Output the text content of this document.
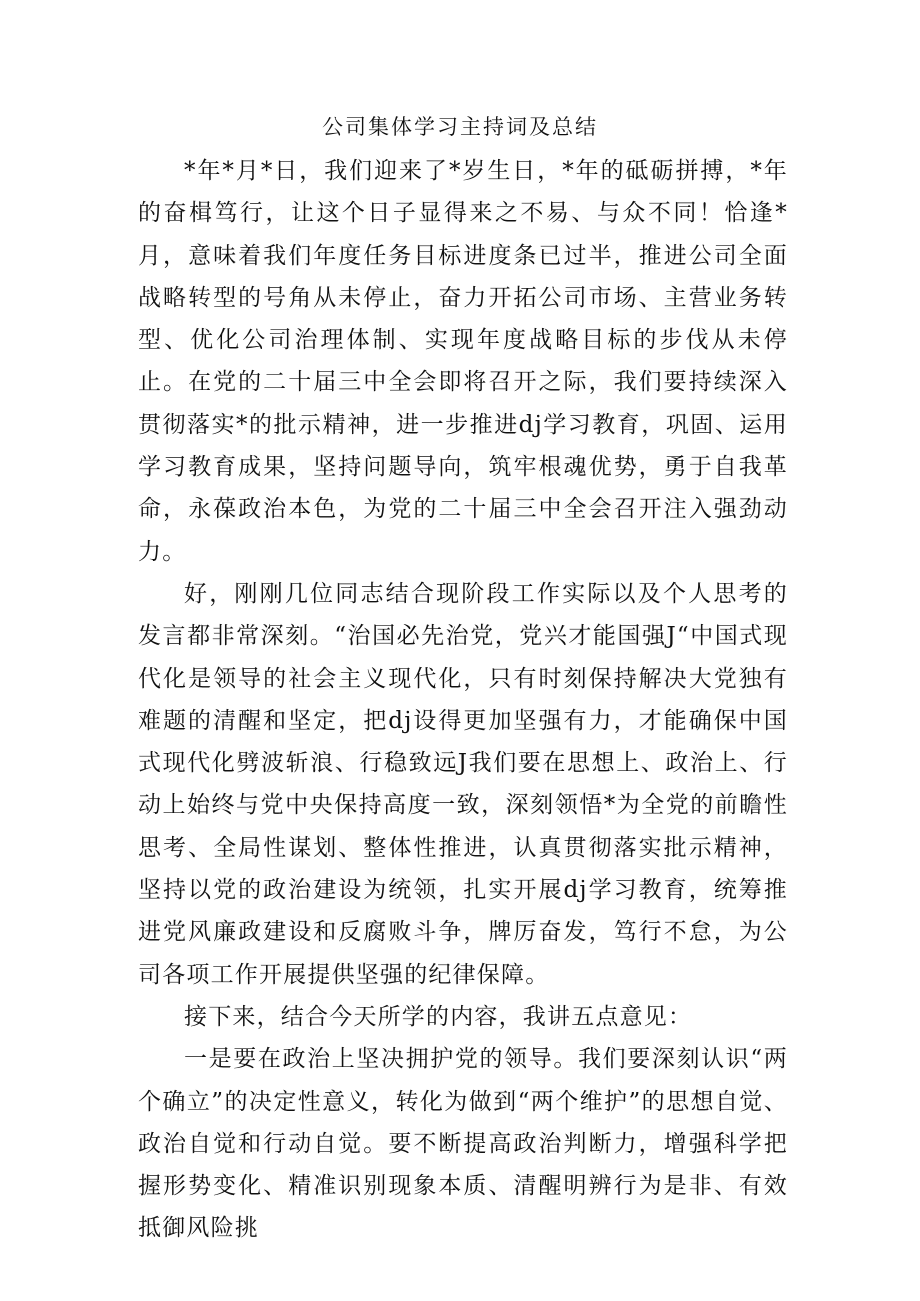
公司集体学习主持词及总结

*年*月*日，我们迎来了*岁生日，*年的砥砺拼搏，*年的奋楫笃行，让这个日子显得来之不易、与众不同！恰逢*月，意味着我们年度任务目标进度条已过半，推进公司全面战略转型的号角从未停止，奋力开拓公司市场、主营业务转型、优化公司治理体制、实现年度战略目标的步伐从未停止。在党的二十届三中全会即将召开之际，我们要持续深入贯彻落实*的批示精神，进一步推进dj学习教育，巩固、运用学习教育成果，坚持问题导向，筑牢根魂优势，勇于自我革命，永葆政治本色，为党的二十届三中全会召开注入强劲动力。

好，刚刚几位同志结合现阶段工作实际以及个人思考的发言都非常深刻。“治国必先治党，党兴才能国强J“中国式现代化是领导的社会主义现代化，只有时刻保持解决大党独有难题的清醒和坚定，把dj设得更加坚强有力，才能确保中国式现代化劈波斩浪、行稳致远J我们要在思想上、政治上、行动上始终与党中央保持高度一致，深刻领悟*为全党的前瞻性思考、全局性谋划、整体性推进，认真贯彻落实批示精神，坚持以党的政治建设为统领，扎实开展dj学习教育，统筹推进党风廉政建设和反腐败斗争，牌厉奋发，笃行不怠，为公司各项工作开展提供坚强的纪律保障。

接下来，结合今天所学的内容，我讲五点意见：

一是要在政治上坚决拥护党的领导。我们要深刻认识“两个确立”的决定性意义，转化为做到“两个维护”的思想自觉、政治自觉和行动自觉。要不断提高政治判断力，增强科学把握形势变化、精准识别现象本质、清醒明辨行为是非、有效抵御风险挑
